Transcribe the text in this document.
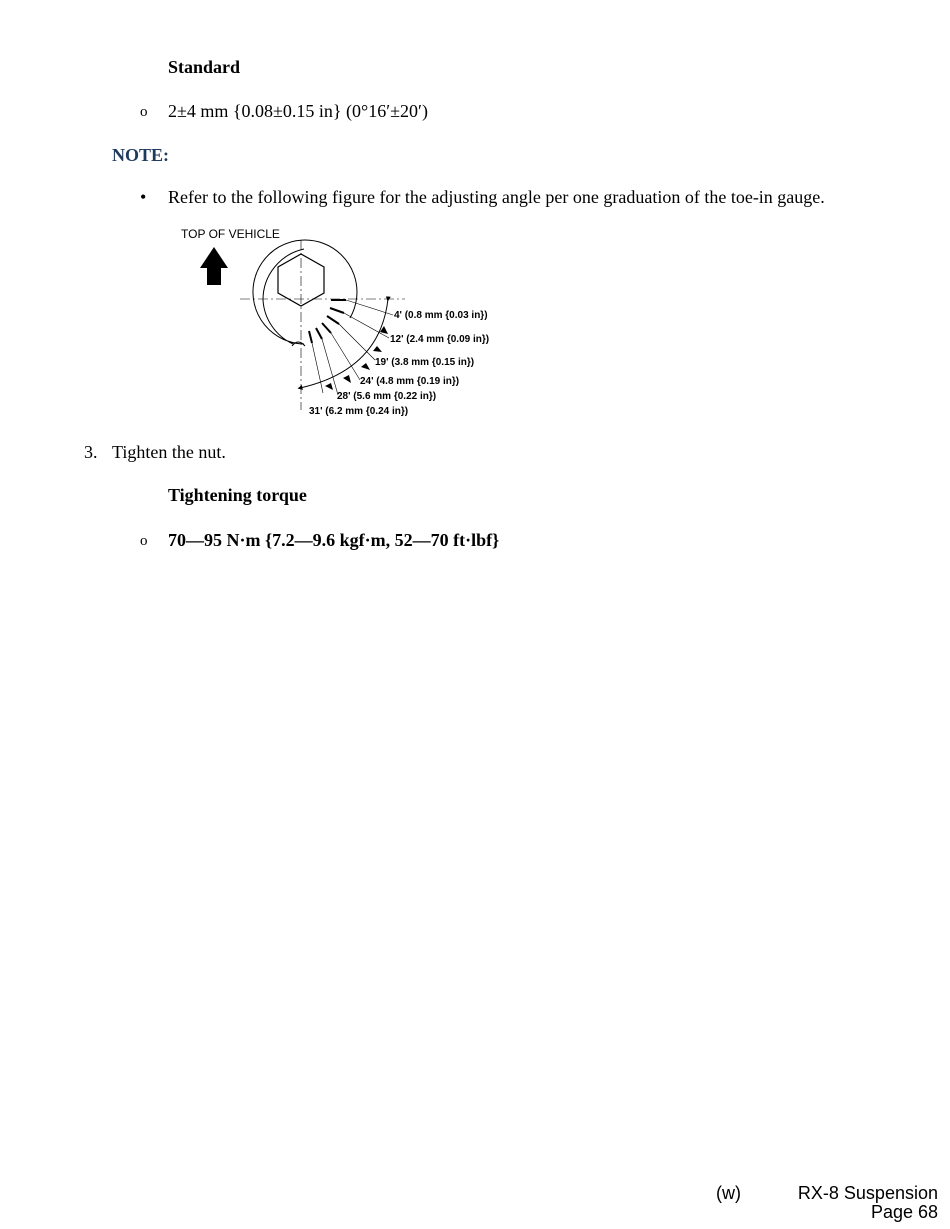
Standard
o 2±4 mm {0.08±0.15 in} (0°16′±20′)
NOTE:
• Refer to the following figure for the adjusting angle per one graduation of the toe-in gauge.
TOP OF VEHICLE
4' (0.8 mm {0.03 in})
12' (2.4 mm {0.09 in})
19' (3.8 mm {0.15 in})
24' (4.8 mm {0.19 in})
28' (5.6 mm {0.22 in})
31' (6.2 mm {0.24 in})
3. Tighten the nut.
Tightening torque
o 70—95 N·m {7.2—9.6 kgf·m, 52—70 ft·lbf}
(w)	RX-8 Suspension
Page 68
